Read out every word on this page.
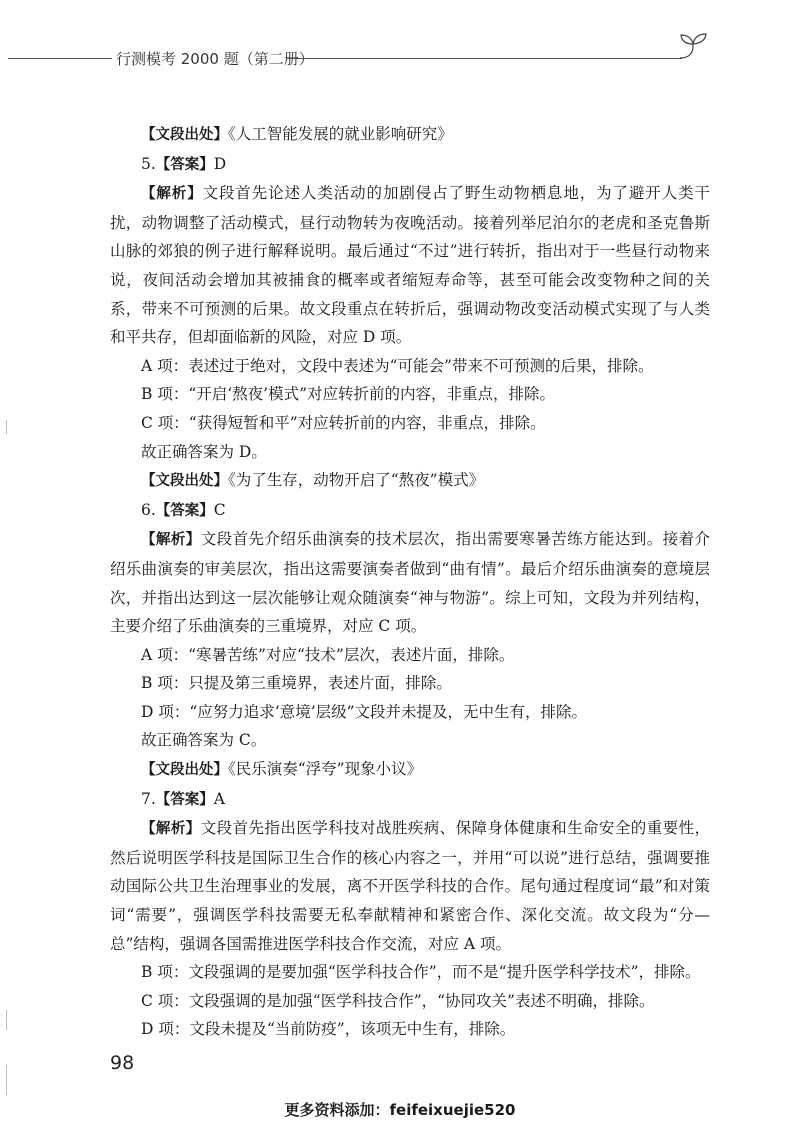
行测模考 2000 题（第二册）

【文段出处】《人工智能发展的就业影响研究》

5.【答案】D

【解析】文段首先论述人类活动的加剧侵占了野生动物栖息地，为了避开人类干扰，动物调整了活动模式，昼行动物转为夜晚活动。接着列举尼泊尔的老虎和圣克鲁斯山脉的郊狼的例子进行解释说明。最后通过“不过”进行转折，指出对于一些昼行动物来说，夜间活动会增加其被捕食的概率或者缩短寿命等，甚至可能会改变物种之间的关系，带来不可预测的后果。故文段重点在转折后，强调动物改变活动模式实现了与人类和平共存，但却面临新的风险，对应 D 项。

A 项：表述过于绝对，文段中表述为“可能会”带来不可预测的后果，排除。

B 项：“开启‘熬夜’模式”对应转折前的内容，非重点，排除。

C 项：“获得短暂和平”对应转折前的内容，非重点，排除。

故正确答案为 D。

【文段出处】《为了生存，动物开启了“熬夜”模式》

6.【答案】C

【解析】文段首先介绍乐曲演奏的技术层次，指出需要寒暑苦练方能达到。接着介绍乐曲演奏的审美层次，指出这需要演奏者做到“曲有情”。最后介绍乐曲演奏的意境层次，并指出达到这一层次能够让观众随演奏“神与物游”。综上可知，文段为并列结构，主要介绍了乐曲演奏的三重境界，对应 C 项。

A 项：“寒暑苦练”对应“技术”层次，表述片面，排除。

B 项：只提及第三重境界，表述片面，排除。

D 项：“应努力追求‘意境’层级”文段并未提及，无中生有，排除。

故正确答案为 C。

【文段出处】《民乐演奏“浮夸”现象小议》

7.【答案】A

【解析】文段首先指出医学科技对战胜疾病、保障身体健康和生命安全的重要性，然后说明医学科技是国际卫生合作的核心内容之一，并用“可以说”进行总结，强调要推动国际公共卫生治理事业的发展，离不开医学科技的合作。尾句通过程度词“最”和对策词“需要”，强调医学科技需要无私奉献精神和紧密合作、深化交流。故文段为“分—总”结构，强调各国需推进医学科技合作交流，对应 A 项。

B 项：文段强调的是要加强“医学科技合作”，而不是“提升医学科学技术”，排除。

C 项：文段强调的是加强“医学科技合作”，“协同攻关”表述不明确，排除。

D 项：文段未提及“当前防疫”，该项无中生有，排除。

98
更多资料添加：feifeixuejie520
